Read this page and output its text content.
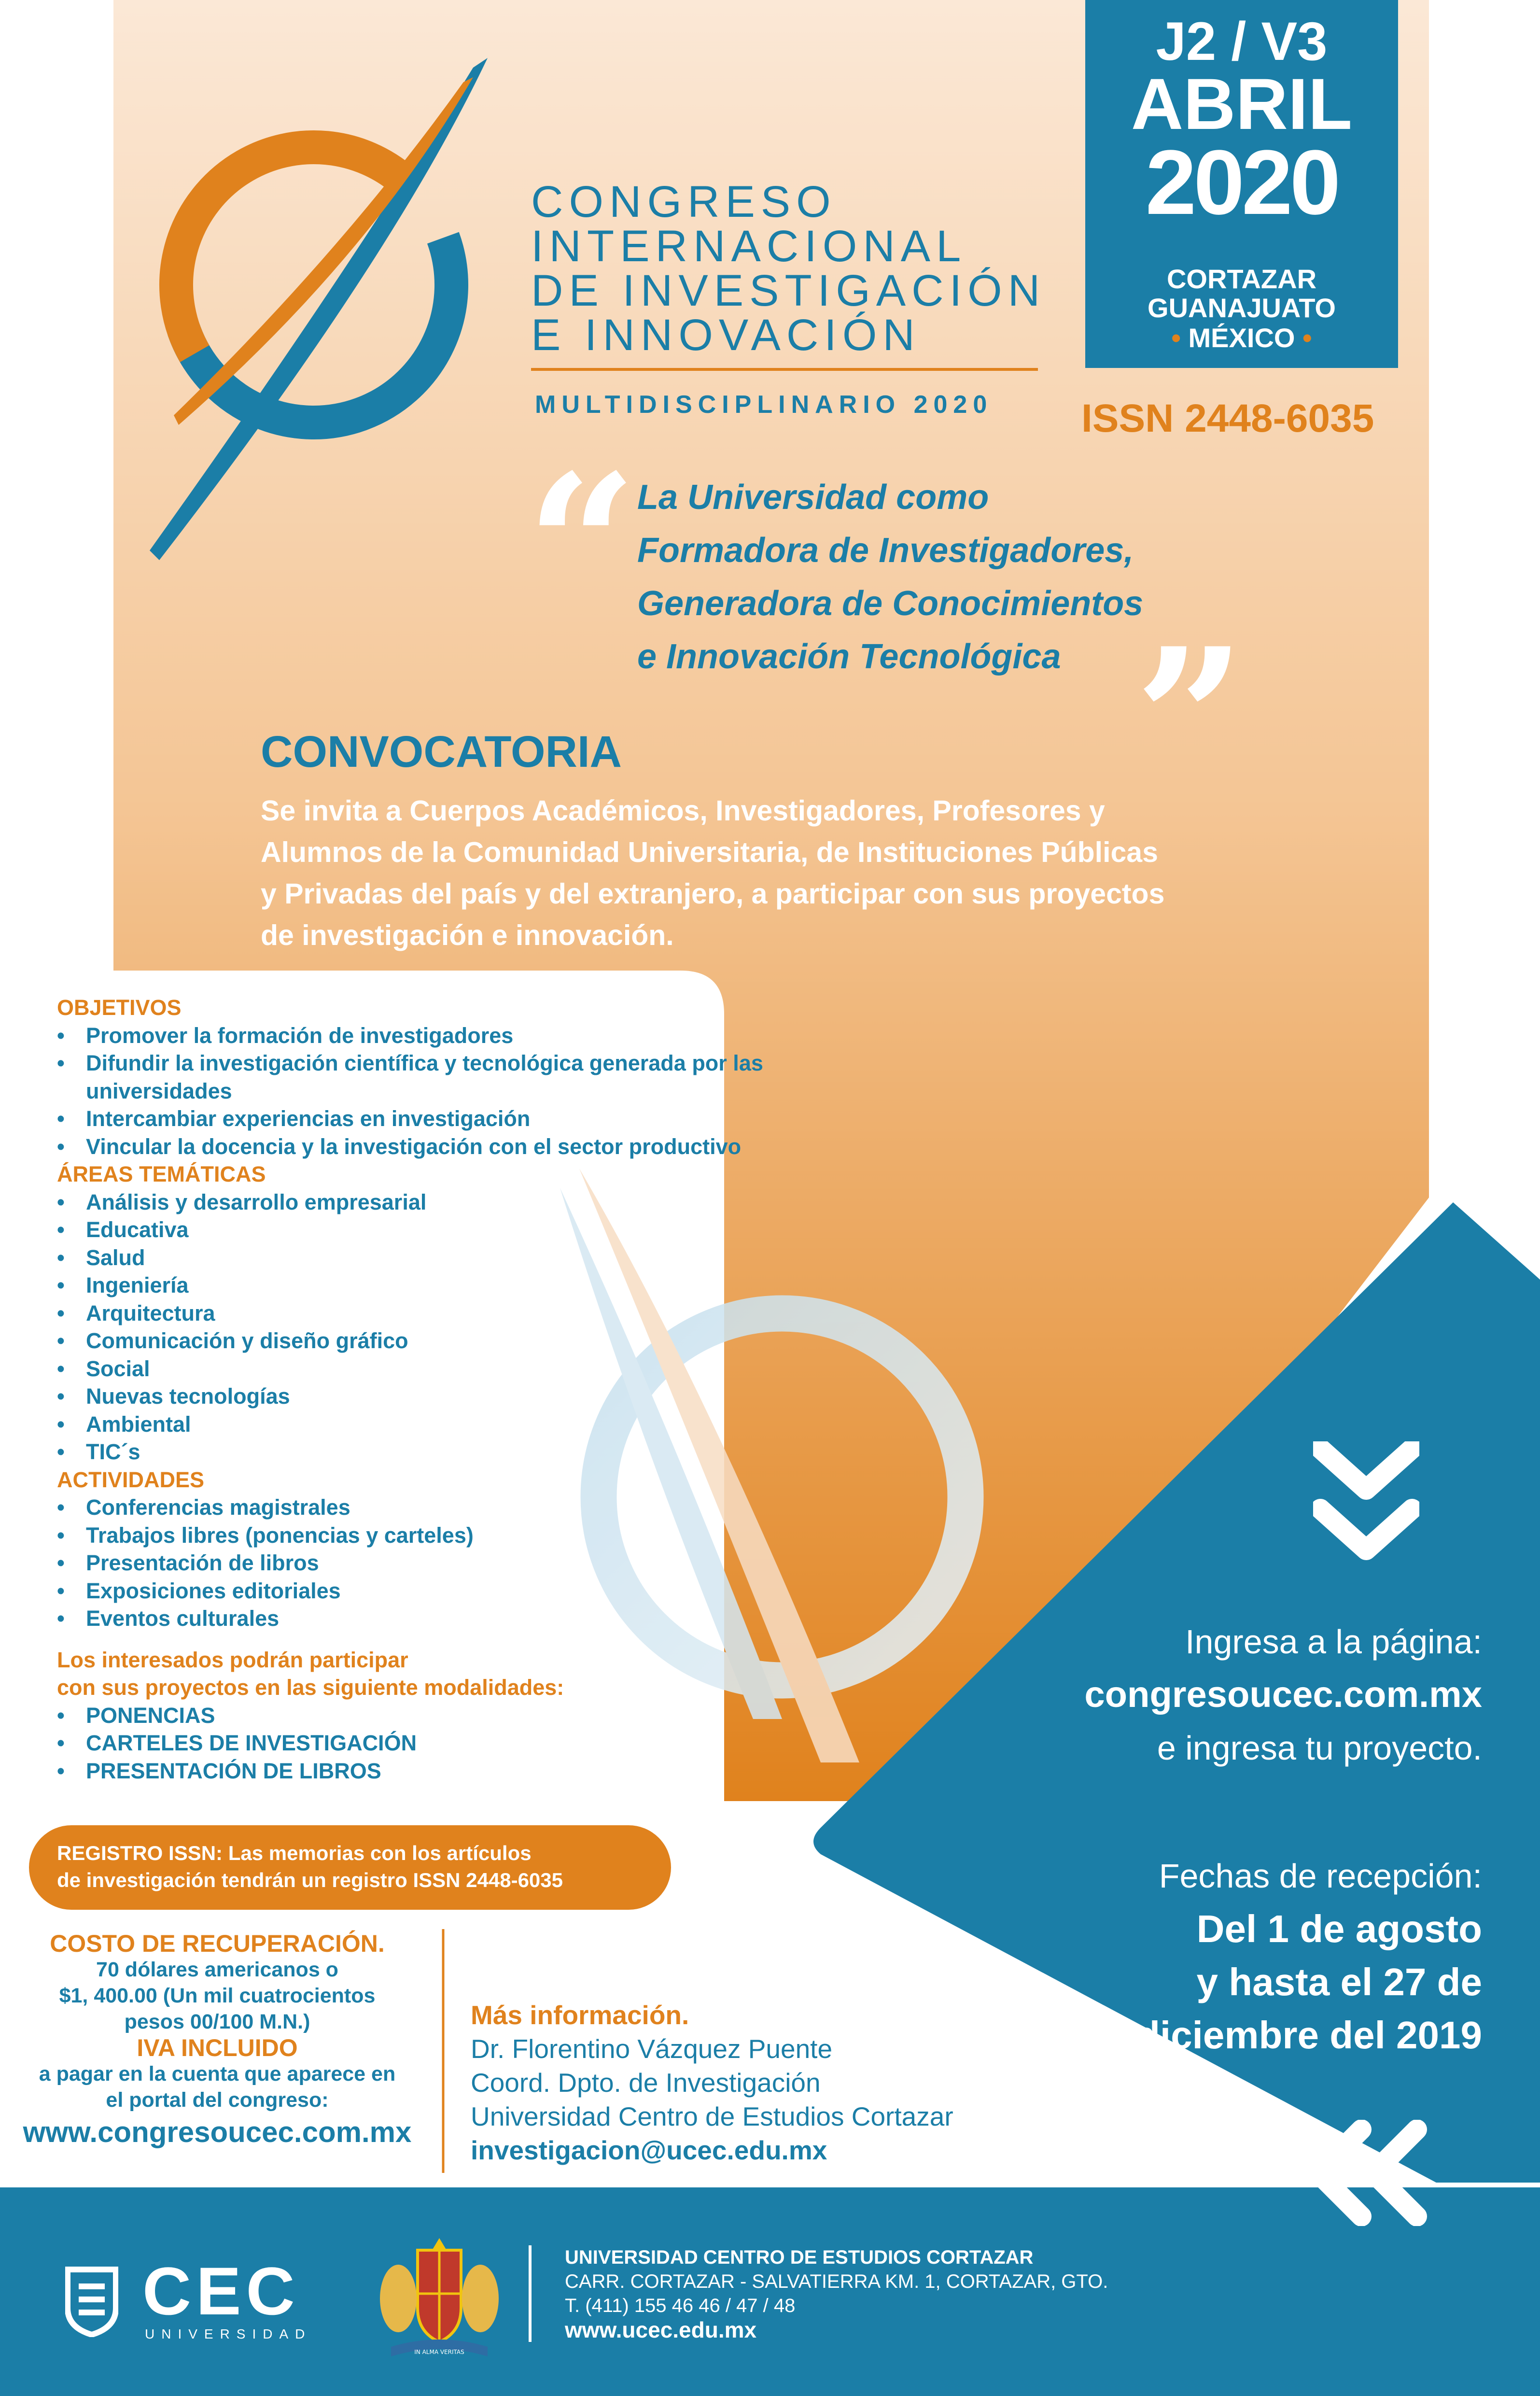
CONGRESO
INTERNACIONAL
DE INVESTIGACIÓN
E INNOVACIÓN
MULTIDISCIPLINARIO 2020
J2 / V3
ABRIL
2020
CORTAZAR
GUANAJUATO
• MÉXICO •
ISSN 2448-6035
“ La Universidad como
Formadora de Investigadores,
Generadora de Conocimientos
e Innovación Tecnológica ”
CONVOCATORIA
Se invita a Cuerpos Académicos, Investigadores, Profesores y
Alumnos de la Comunidad Universitaria, de Instituciones Públicas
y Privadas del país y del extranjero, a participar con sus proyectos
de investigación e innovación.
OBJETIVOS
• Promover la formación de investigadores
• Difundir la investigación científica y tecnológica generada por las universidades
• Intercambiar experiencias en investigación
• Vincular la docencia y la investigación con el sector productivo
ÁREAS TEMÁTICAS
• Análisis y desarrollo empresarial
• Educativa
• Salud
• Ingeniería
• Arquitectura
• Comunicación y diseño gráfico
• Social
• Nuevas tecnologías
• Ambiental
• TIC´s
ACTIVIDADES
• Conferencias magistrales
• Trabajos libres (ponencias y carteles)
• Presentación de libros
• Exposiciones editoriales
• Eventos culturales
Los interesados podrán participar
con sus proyectos en las siguiente modalidades:
• PONENCIAS
• CARTELES DE INVESTIGACIÓN
• PRESENTACIÓN DE LIBROS
REGISTRO ISSN: Las memorias con los artículos
de investigación tendrán un registro ISSN 2448-6035
COSTO DE RECUPERACIÓN.
70 dólares americanos o
$1, 400.00 (Un mil cuatrocientos
pesos 00/100 M.N.)
IVA INCLUIDO
a pagar en la cuenta que aparece en
el portal del congreso:
www.congresoucec.com.mx
Más información.
Dr. Florentino Vázquez Puente
Coord. Dpto. de Investigación
Universidad Centro de Estudios Cortazar
investigacion@ucec.edu.mx
Ingresa a la página:
congresoucec.com.mx
e ingresa tu proyecto.
Fechas de recepción:
Del 1 de agosto
y hasta el 27 de
diciembre del 2019
CEC
UNIVERSIDAD
IN ALMA VERITAS
UNIVERSIDAD CENTRO DE ESTUDIOS CORTAZAR
CARR. CORTAZAR - SALVATIERRA KM. 1, CORTAZAR, GTO.
T. (411) 155 46 46 / 47 / 48
www.ucec.edu.mx
